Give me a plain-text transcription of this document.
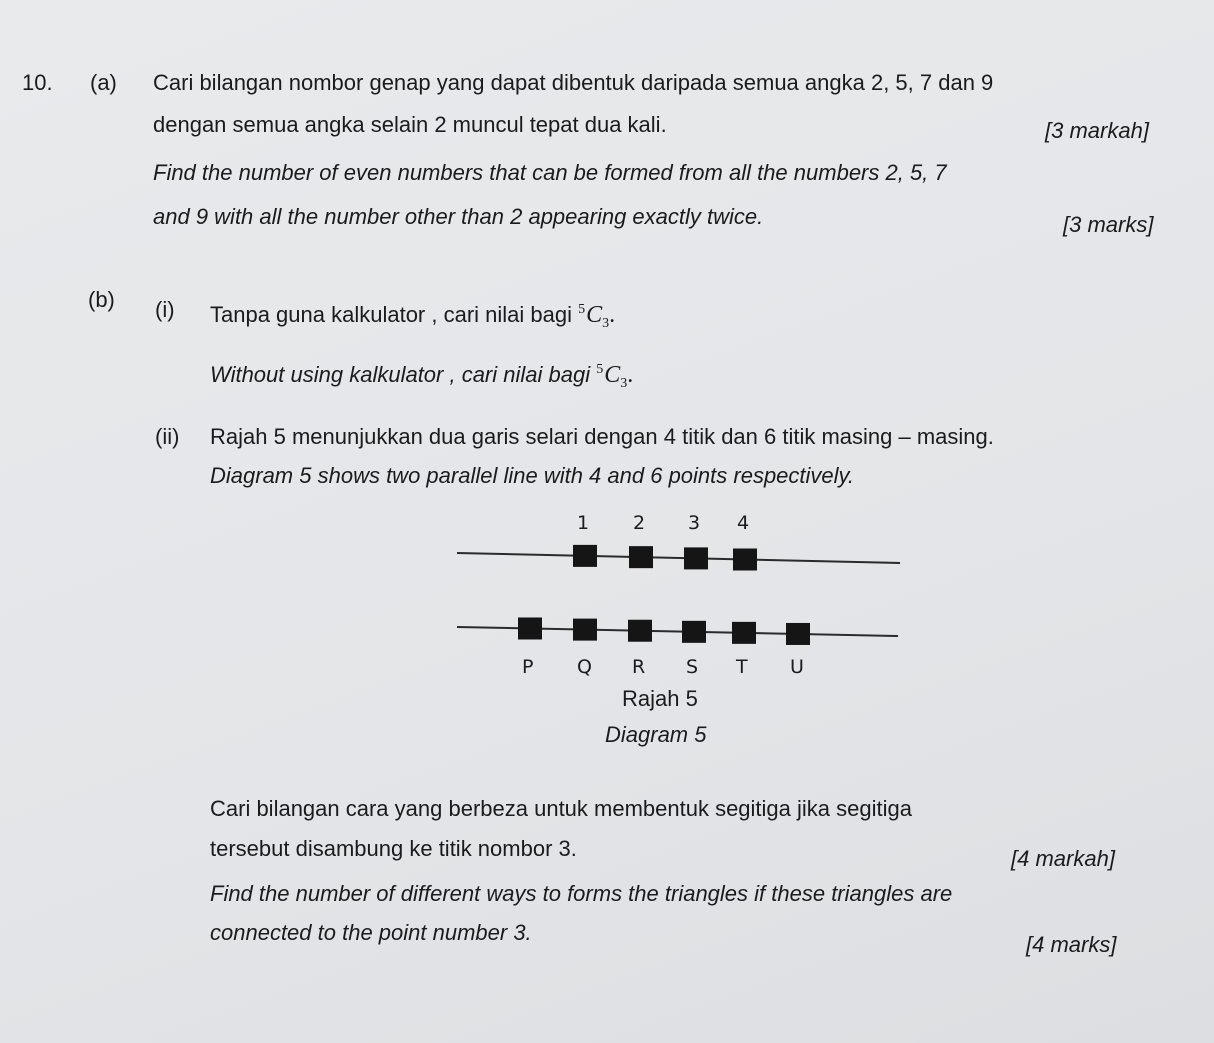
10. (a) Cari bilangan nombor genap yang dapat dibentuk daripada semua angka 2, 5, 7 dan 9
dengan semua angka selain 2 muncul tepat dua kali.	[3 markah]
Find the number of even numbers that can be formed from all the numbers 2, 5, 7
and 9 with all the number other than 2 appearing exactly twice.	[3 marks]
(b) (i) Tanpa guna kalkulator , cari nilai bagi $^5C_3$.
Without using kalkulator , cari nilai bagi $^5C_3$.
(ii) Rajah 5 menunjukkan dua garis selari dengan 4 titik dan 6 titik masing – masing.
Diagram 5 shows two parallel line with 4 and 6 points respectively.
1 2 3 4
P Q R S T U
Rajah 5
Diagram 5
Cari bilangan cara yang berbeza untuk membentuk segitiga jika segitiga
tersebut disambung ke titik nombor 3.	[4 markah]
Find the number of different ways to forms the triangles if these triangles are
connected to the point number 3.	[4 marks]
